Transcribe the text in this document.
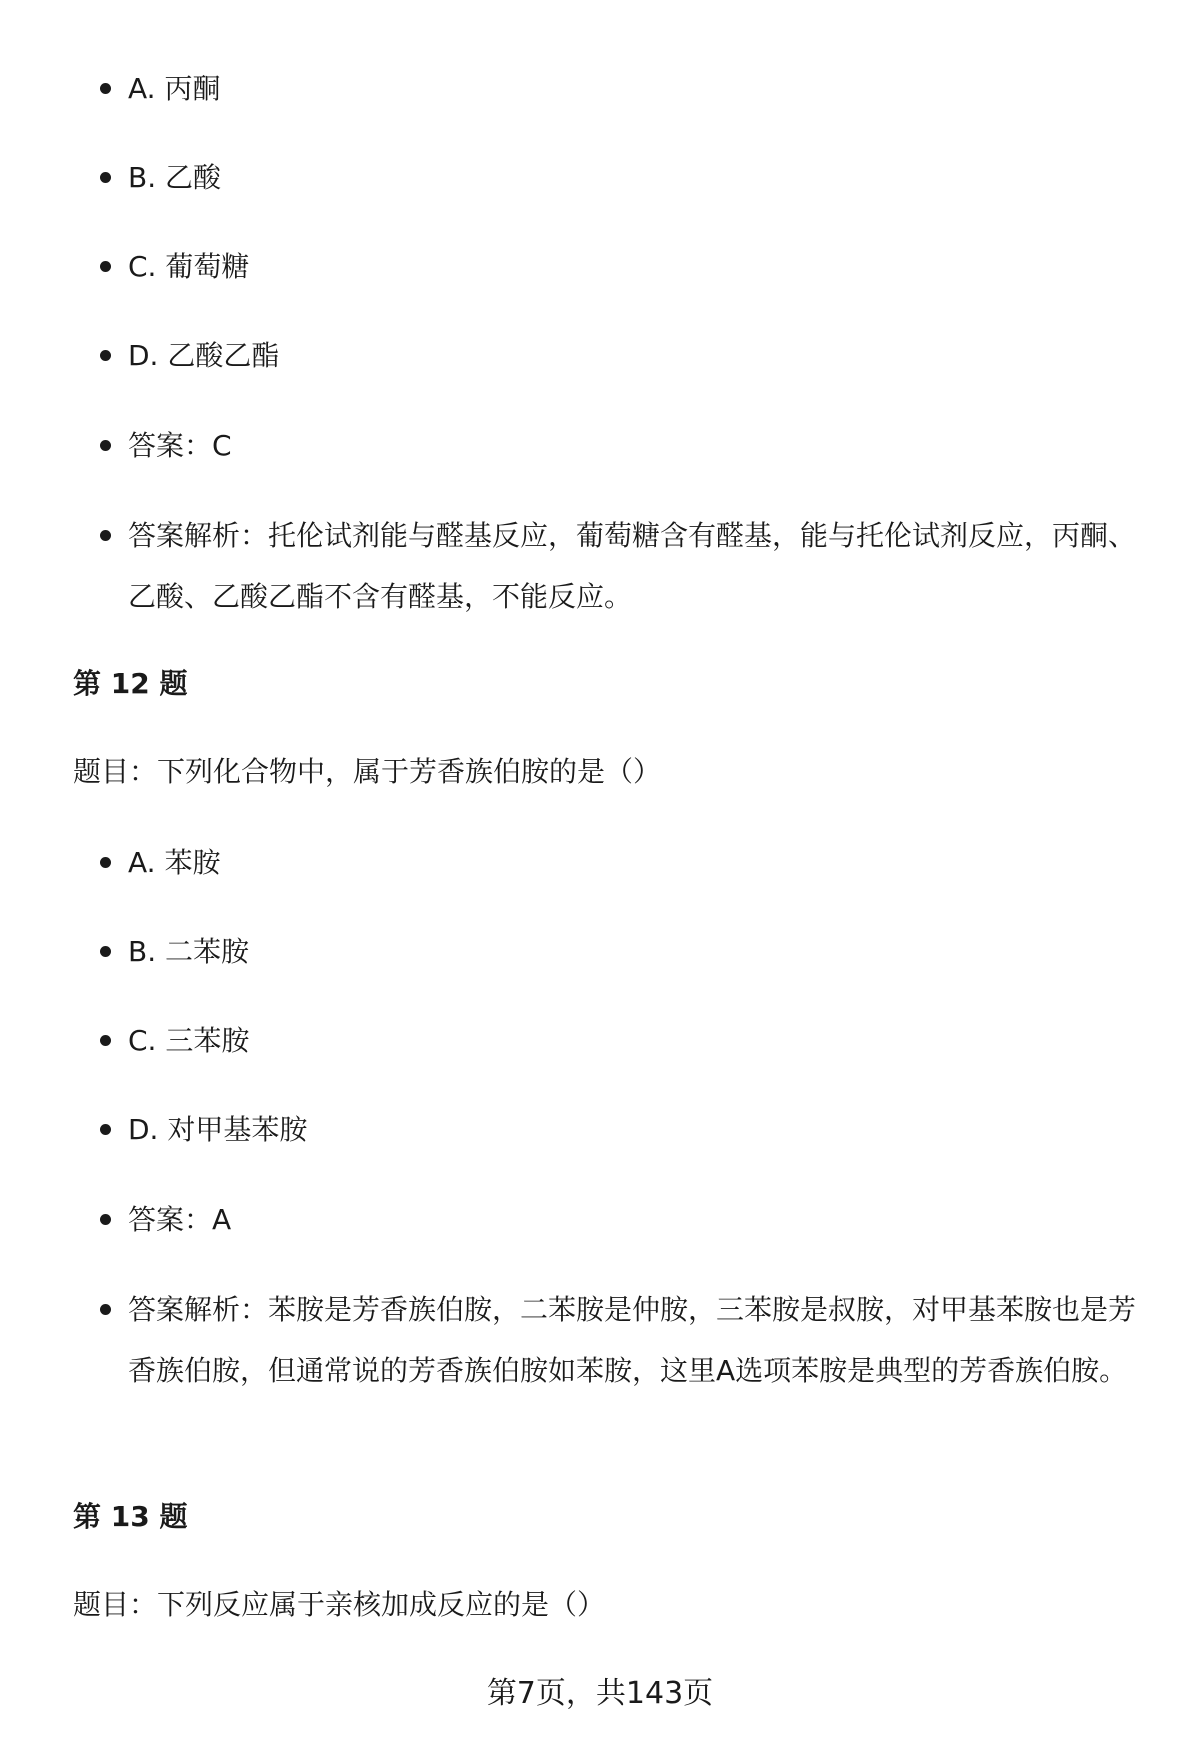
A. 丙酮
B. 乙酸
C. 葡萄糖
D. 乙酸乙酯
答案：C
答案解析：托伦试剂能与醛基反应，葡萄糖含有醛基，能与托伦试剂反应，丙酮、乙酸、乙酸乙酯不含有醛基，不能反应。
第 12 题
题目：下列化合物中，属于芳香族伯胺的是（）
A. 苯胺
B. 二苯胺
C. 三苯胺
D. 对甲基苯胺
答案：A
答案解析：苯胺是芳香族伯胺，二苯胺是仲胺，三苯胺是叔胺，对甲基苯胺也是芳香族伯胺，但通常说的芳香族伯胺如苯胺，这里A选项苯胺是典型的芳香族伯胺。
第 13 题
题目：下列反应属于亲核加成反应的是（）
第7页，共143页
